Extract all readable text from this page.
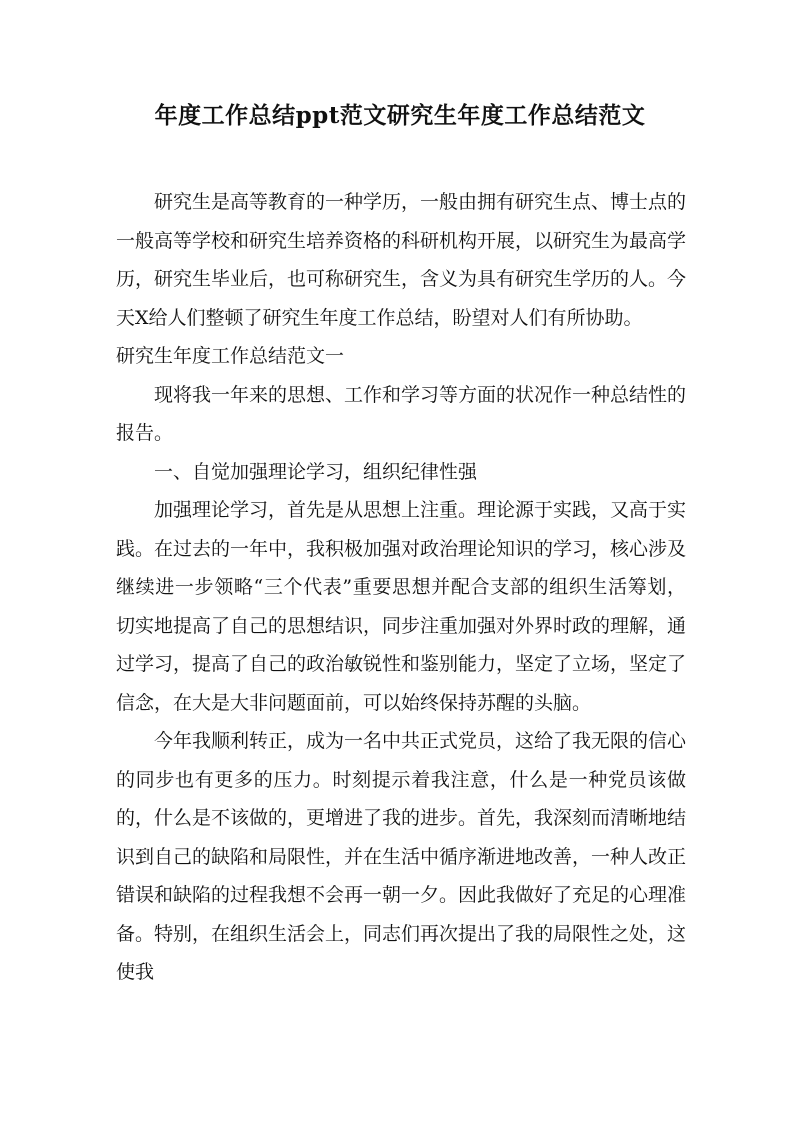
年度工作总结ppt范文研究生年度工作总结范文

研究生是高等教育的一种学历，一般由拥有研究生点、博士点的一般高等学校和研究生培养资格的科研机构开展，以研究生为最高学历，研究生毕业后，也可称研究生，含义为具有研究生学历的人。今天X给人们整顿了研究生年度工作总结，盼望对人们有所协助。

研究生年度工作总结范文一

现将我一年来的思想、工作和学习等方面的状况作一种总结性的报告。

一、自觉加强理论学习，组织纪律性强

加强理论学习，首先是从思想上注重。理论源于实践，又高于实践。在过去的一年中，我积极加强对政治理论知识的学习，核心涉及继续进一步领略“三个代表”重要思想并配合支部的组织生活筹划，切实地提高了自己的思想结识，同步注重加强对外界时政的理解，通过学习，提高了自己的政治敏锐性和鉴别能力，坚定了立场，坚定了信念，在大是大非问题面前，可以始终保持苏醒的头脑。

今年我顺利转正，成为一名中共正式党员，这给了我无限的信心的同步也有更多的压力。时刻提示着我注意，什么是一种党员该做的，什么是不该做的，更增进了我的进步。首先，我深刻而清晰地结识到自己的缺陷和局限性，并在生活中循序渐进地改善，一种人改正错误和缺陷的过程我想不会再一朝一夕。因此我做好了充足的心理准备。特别，在组织生活会上，同志们再次提出了我的局限性之处，这使我
